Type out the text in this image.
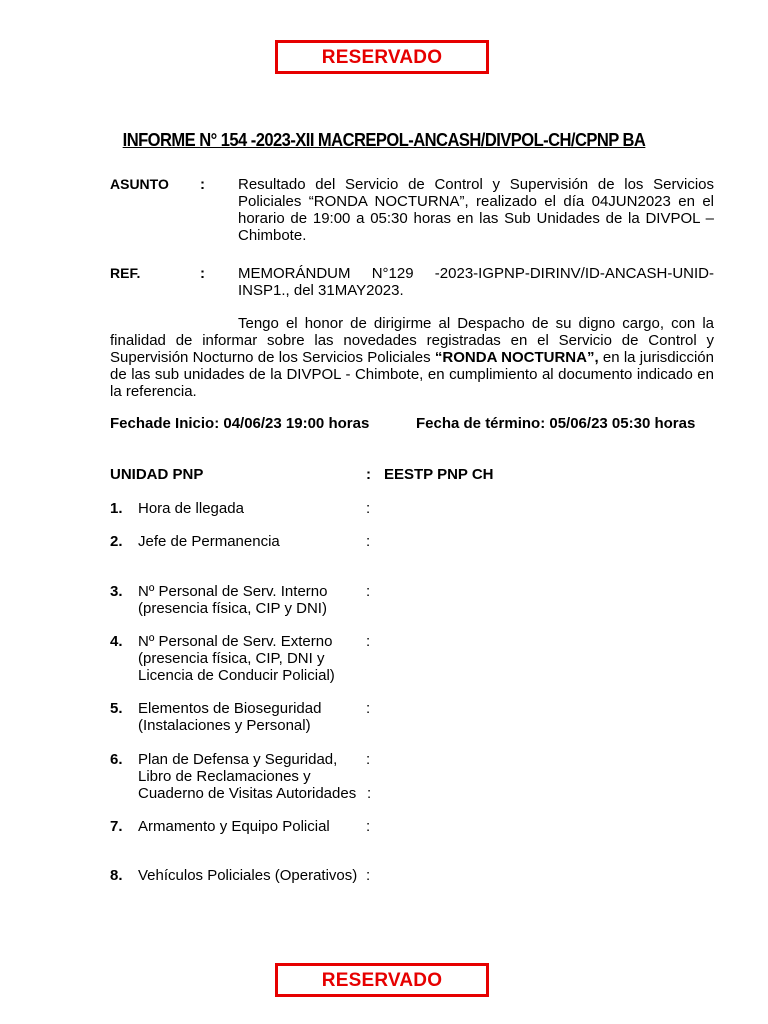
RESERVADO
INFORME N° 154 -2023-XII MACREPOL-ANCASH/DIVPOL-CH/CPNP BA
ASUNTO : Resultado del Servicio de Control y Supervisión de los Servicios Policiales “RONDA NOCTURNA”, realizado el día 04JUN2023 en el horario de 19:00 a 05:30 horas en las Sub Unidades de la DIVPOL – Chimbote.
REF.	: MEMORÁNDUM N°129 -2023-IGPNP-DIRINV/ID-ANCASH-UNID-INSP1., del 31MAY2023.
Tengo el honor de dirigirme al Despacho de su digno cargo, con la finalidad de informar sobre las novedades registradas en el Servicio de Control y Supervisión Nocturno de los Servicios Policiales “RONDA NOCTURNA”, en la jurisdicción de las sub unidades de la DIVPOL - Chimbote, en cumplimiento al documento indicado en la referencia.
Fechade Inicio: 04/06/23 19:00 horas	Fecha de término: 05/06/23 05:30 horas
UNIDAD PNP	: EESTP PNP CH
1. Hora de llegada	:
2. Jefe de Permanencia	:
3. Nº Personal de Serv. Interno
(presencia física, CIP y DNI)
:
4. Nº Personal de Serv. Externo
(presencia física, CIP, DNI y
Licencia de Conducir Policial)
:
5. Elementos de Bioseguridad
(Instalaciones y Personal)
:
6. Plan de Defensa y Seguridad,
Libro de Reclamaciones y
Cuaderno de Visitas Autoridades
:
:
7. Armamento y Equipo Policial	:
8. Vehículos Policiales (Operativos) :
RESERVADO
